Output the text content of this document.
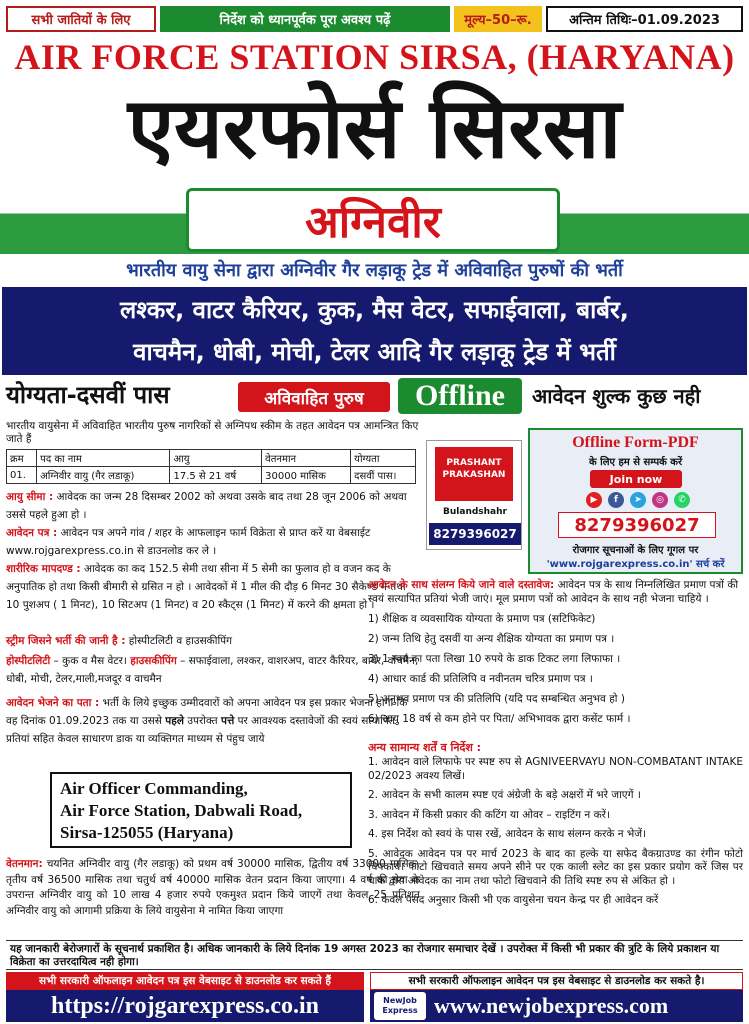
सभी जातियों के लिए	निर्देश को ध्यानपूर्वक पूरा अवश्य पढ़ें	मूल्य–50–रू.	अन्तिम तिथिः–01.09.2023
AIR FORCE STATION SIRSA, (HARYANA)
एयरफोर्स सिरसा
अग्निवीर
भारतीय वायु सेना द्वारा अग्निवीर गैर लड़ाकू ट्रेड में अविवाहित पुरुषों की भर्ती
लश्कर, वाटर कैरियर, कुक, मैस वेटर, सफाईवाला, बार्बर,
वाचमैन, धोबी, मोची, टेलर आदि गैर लड़ाकू ट्रेड में भर्ती
योग्यता-दसवीं पास	अविवाहित पुरुष	Offline	आवेदन शुल्क कुछ नही
भारतीय वायुसेना में अविवाहित भारतीय पुरुष नागरिकों से अग्निपथ स्कीम के तहत आवेदन पत्र आमन्त्रित किए जाते हैं
क्रम	पद का नाम	आयु	वेतनमान	योग्यता
01.	अग्निवीर वायु (गैर लडाकू)	17.5 से 21 वर्ष	30000 मासिक	दसवीं पास।
आयु सीमा : आवेदक का जन्म 28 दिसम्बर 2002 को अथवा उसके बाद तथा 28 जून 2006 को अथवा उससे पहले हुआ हो ।
आवेदन पत्र : आवेदन पत्र अपने गांव / शहर के आफलाइन फार्म विक्रेता से प्राप्त करें या वेबसाईट www.rojgarexpress.co.in से डाउनलोड कर ले ।
शारीरिक मापदण्ड : आवेदक का कद 152.5 सेमी तथा सीना में 5 सेमी का फुलाव हो व वजन कद के अनुपातिक हो तथा किसी बीमारी से ग्रसित न हो । आवेदकों में 1 मील की दौड़ 6 मिनट 30 सैकेण्ड में तथा 10 पुशअप ( 1 मिनट), 10 सिटअप (1 मिनट) व 20 स्कैट्स (1 मिनट) में करने की क्षमता हो ।
स्ट्रीम जिसने भर्ती की जानी है : होस्पीटलिटी व हाउसकीपिंग
होस्पीटलिटी – कुक व मैस वेटर। हाउसकीपिंग – सफाईवाला, लश्कर, वाशरअप, वाटर कैरियर, बार्बर, वॉचमैन, धोबी, मोची, टेलर,माली,मजदूर व वाचमैन
आवेदन भेजने का पता : भर्ती के लिये इच्छुक उम्मीदवारों को अपना आवेदन पत्र इस प्रकार भेजना होगा कि वह दिनांक 01.09.2023 तक या उससे पहले उपरोक्त पत्ते पर आवश्यक दस्तावेजों की स्वयं सत्यापित प्रतियां सहित केवल साधारण डाक या व्यक्तिगत माध्यम से पंहुच जाये
Air Officer Commanding,
Air Force Station, Dabwali Road,
Sirsa-125055 (Haryana)
वेतनमान: चयनित अग्निवीर वायु (गैर लडाकू) को प्रथम वर्ष 30000 मासिक, द्वितीय वर्ष 33000 मासिक, तृतीय वर्ष 36500 मासिक तथा चतुर्थ वर्ष 40000 मासिक वेतन प्रदान किया जाएगा। 4 वर्ष की सेवा के उपरान्त अग्निवीर वायु को 10 लाख 4 हजार रुपये एकमुश्त प्रदान किये जाएगें तथा केवल 25 प्रतिशत अग्निवीर वायु को आगामी प्रक्रिया के लिये वायुसेना मे नामित किया जाएगा
PRASHANT
PRAKASHAN
Bulandshahr
8279396027
Offline Form-PDF
के लिए हम से सम्पर्क करें
Join now
▶	f	➤	◎	✆
8279396027
रोजगार सूचनाओं के लिए गूगल पर
'www.rojgarexpress.co.in' सर्च करें
आवेदन के साथ संलग्न किये जाने वाले दस्तावेज: आवेदन पत्र के साथ निम्नलिखित प्रमाण पत्रों की स्वयं सत्यापित प्रतियां भेजी जाएं। मूल प्रमाण पत्रों को आवेदन के साथ नही भेजना चाहिये ।
1) शैक्षिक व व्यवसायिक योग्यता के प्रमाण पत्र (सटिफिकेट)
2) जन्म तिथि हेतु दसवीं या अन्य शैक्षिक योग्यता का प्रमाण पत्र ।
3) 1 स्वयं का पता लिखा 10 रुपये के डाक टिकट लगा लिफाफा ।
4) आधार कार्ड की प्रतिलिपि व नवीनतम चरित्र प्रमाण पत्र ।
5) अनुभव प्रमाण पत्र की प्रतिलिपि (यदि पद सम्बन्धित अनुभव हो )
6) आयु 18 वर्ष से कम होने पर पिता/ अभिभावक द्वारा कसेंट फार्म ।
अन्य सामान्य शर्तें व निर्देश :
1. आवेदन वाले लिफाफे पर स्पष्ट रुप से AGNIVEERVAYU NON-COMBATANT INTAKE 02/2023 अवश्य लिखें।
2. आवेदन के सभी कालम स्पष्ट एवं अंग्रेजी के बड़े अक्षरों में भरे जाएगें ।
3. आवेदन में किसी प्रकार की कटिंग या ओवर – राइटिंग न करें।
4. इस निर्देश को स्वयं के पास रखें, आवेदन के साथ संलग्न करके न भेजें।
5. आवेदक आवेदन पत्र पर मार्च 2023 के बाद का हल्के या सफेद बैकग्राउण्ड का रंगीन फोटो चिपकायें। फोटो खिचवाते समय अपने सीने पर एक काली स्लेट का इस प्रकार प्रयोग करें जिस पर चाक द्वारा आवेदक का नाम तथा फोटो खिचवाने की तिथि स्पष्ट रुप से अंकित हो ।
6. केवल पंसद अनुसार किसी भी एक वायुसेना चयन केन्द्र पर ही आवेदन करें
यह जानकारी बेरोजगारों के सूचनार्थ प्रकाशित है। अधिक जानकारी के लिये दिनांक 19 अगस्त 2023 का रोजगार समाचार देखें । उपरोक्त में किसी भी प्रकार की त्रुटि के लिये प्रकाशन या विक्रेता का उत्तरदायित्व नही होगा।
सभी सरकारी ऑफलाइन आवेदन पत्र इस वेबसाइट से डाउनलोड कर सकते हैं	सभी सरकारी ऑफलाइन आवेदन पत्र इस वेबसाइट से डाउनलोड कर सकते है।
https://rojgarexpress.co.in	NewJob
Express www.newjobexpress.com
